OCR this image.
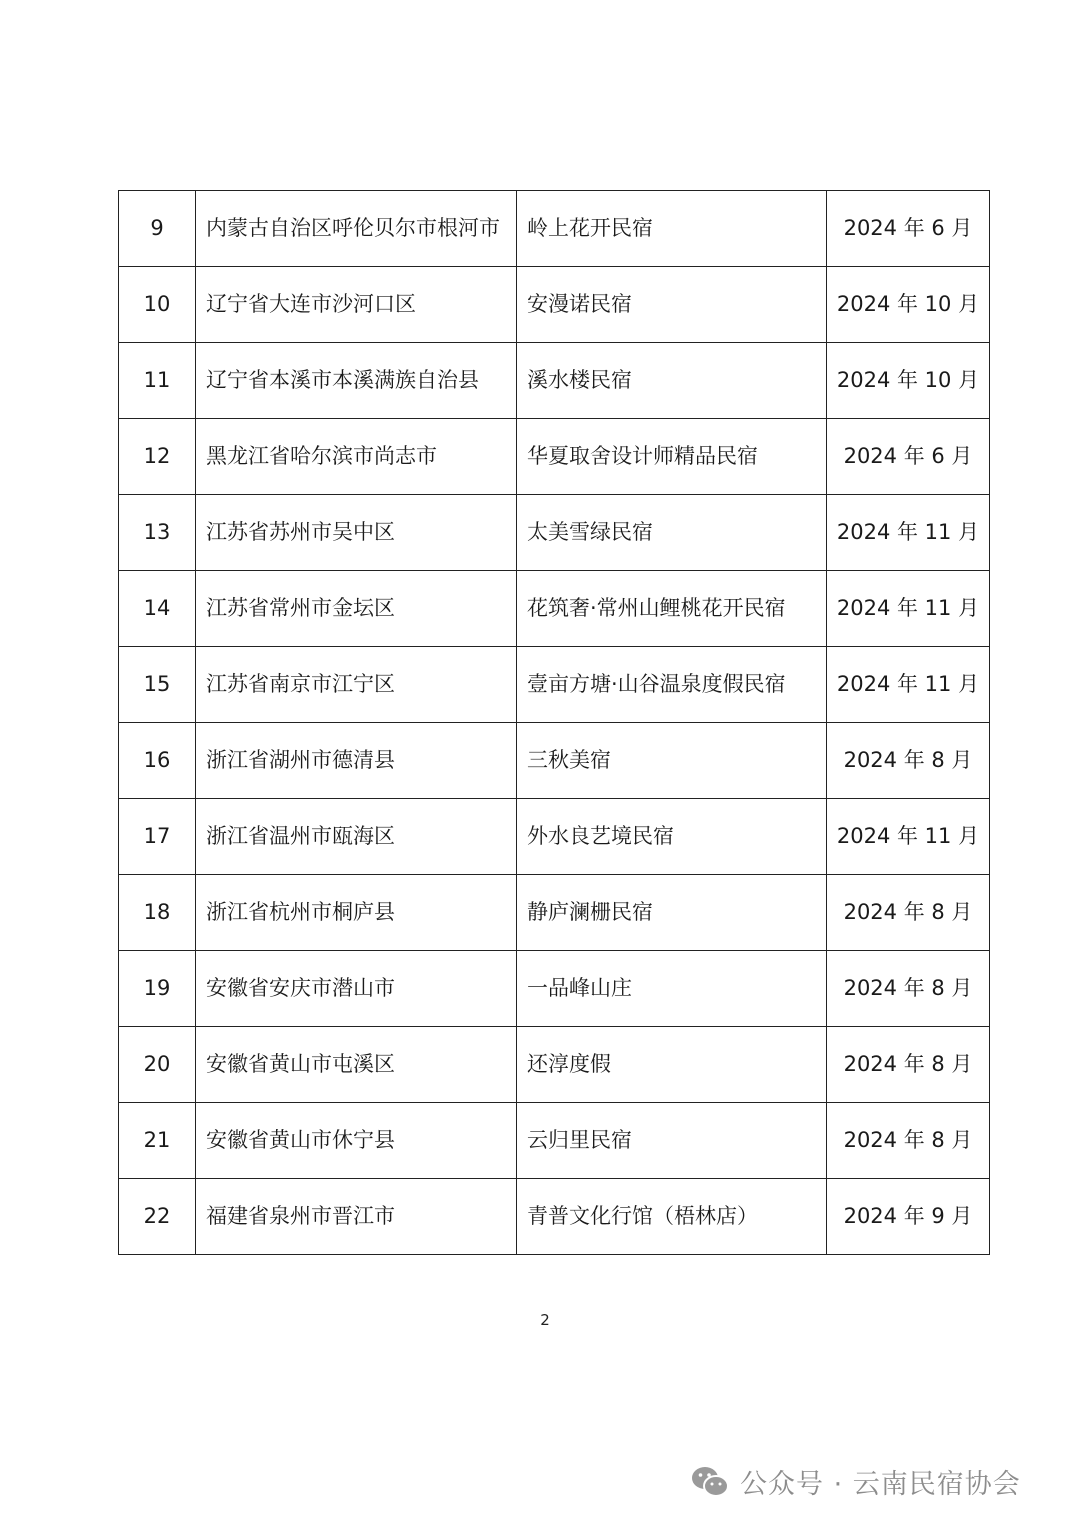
9	内蒙古自治区呼伦贝尔市根河市	岭上花开民宿	2024 年 6 月
10	辽宁省大连市沙河口区	安漫诺民宿	2024 年 10 月
11	辽宁省本溪市本溪满族自治县	溪水楼民宿	2024 年 10 月
12	黑龙江省哈尔滨市尚志市	华夏取舍设计师精品民宿	2024 年 6 月
13	江苏省苏州市吴中区	太美雪绿民宿	2024 年 11 月
14	江苏省常州市金坛区	花筑奢·常州山鲤桃花开民宿	2024 年 11 月
15	江苏省南京市江宁区	壹亩方塘·山谷温泉度假民宿	2024 年 11 月
16	浙江省湖州市德清县	三秋美宿	2024 年 8 月
17	浙江省温州市瓯海区	外水良艺境民宿	2024 年 11 月
18	浙江省杭州市桐庐县	静庐澜栅民宿	2024 年 8 月
19	安徽省安庆市潜山市	一品峰山庄	2024 年 8 月
20	安徽省黄山市屯溪区	还淳度假	2024 年 8 月
21	安徽省黄山市休宁县	云归里民宿	2024 年 8 月
22	福建省泉州市晋江市	青普文化行馆（梧林店）	2024 年 9 月
2
公众号 · 云南民宿协会
